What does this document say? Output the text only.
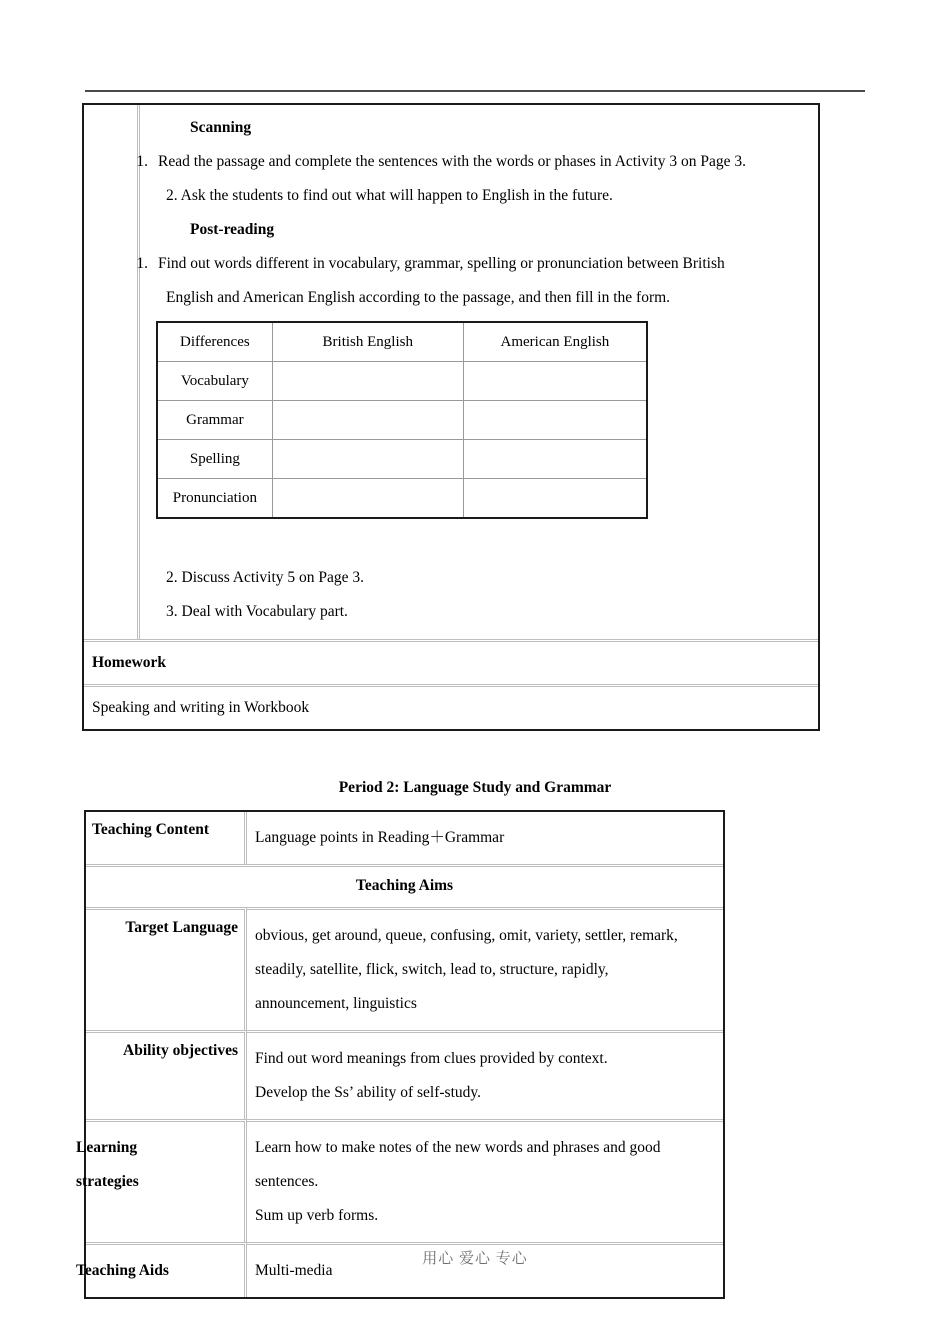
Scanning
1. Read the passage and complete the sentences with the words or phases in Activity 3 on Page 3.
2. Ask the students to find out what will happen to English in the future.
Post-reading
1. Find out words different in vocabulary, grammar, spelling or pronunciation between British
English and American English according to the passage, and then fill in the form.
Differences	British English	American English
Vocabulary		
Grammar		
Spelling		
Pronunciation		
2. Discuss Activity 5 on Page 3.
3. Deal with Vocabulary part.

Homework
Speaking and writing in Workbook
Period 2: Language Study and Grammar
Teaching Content	Language points in Reading＋Grammar
Teaching Aims	
Target Language	obvious, get around, queue, confusing, omit, variety, settler, remark,
steadily, satellite, flick, switch, lead to, structure, rapidly,
announcement, linguistics

Ability objectives	Find out word meanings from clues provided by context.
Develop the Ss’ ability of self-study.

Learning
strategies	Learn how to make notes of the new words and phrases and good
sentences.
Sum up verb forms.

Teaching Aids	Multi-media
用心 爱心 专心
